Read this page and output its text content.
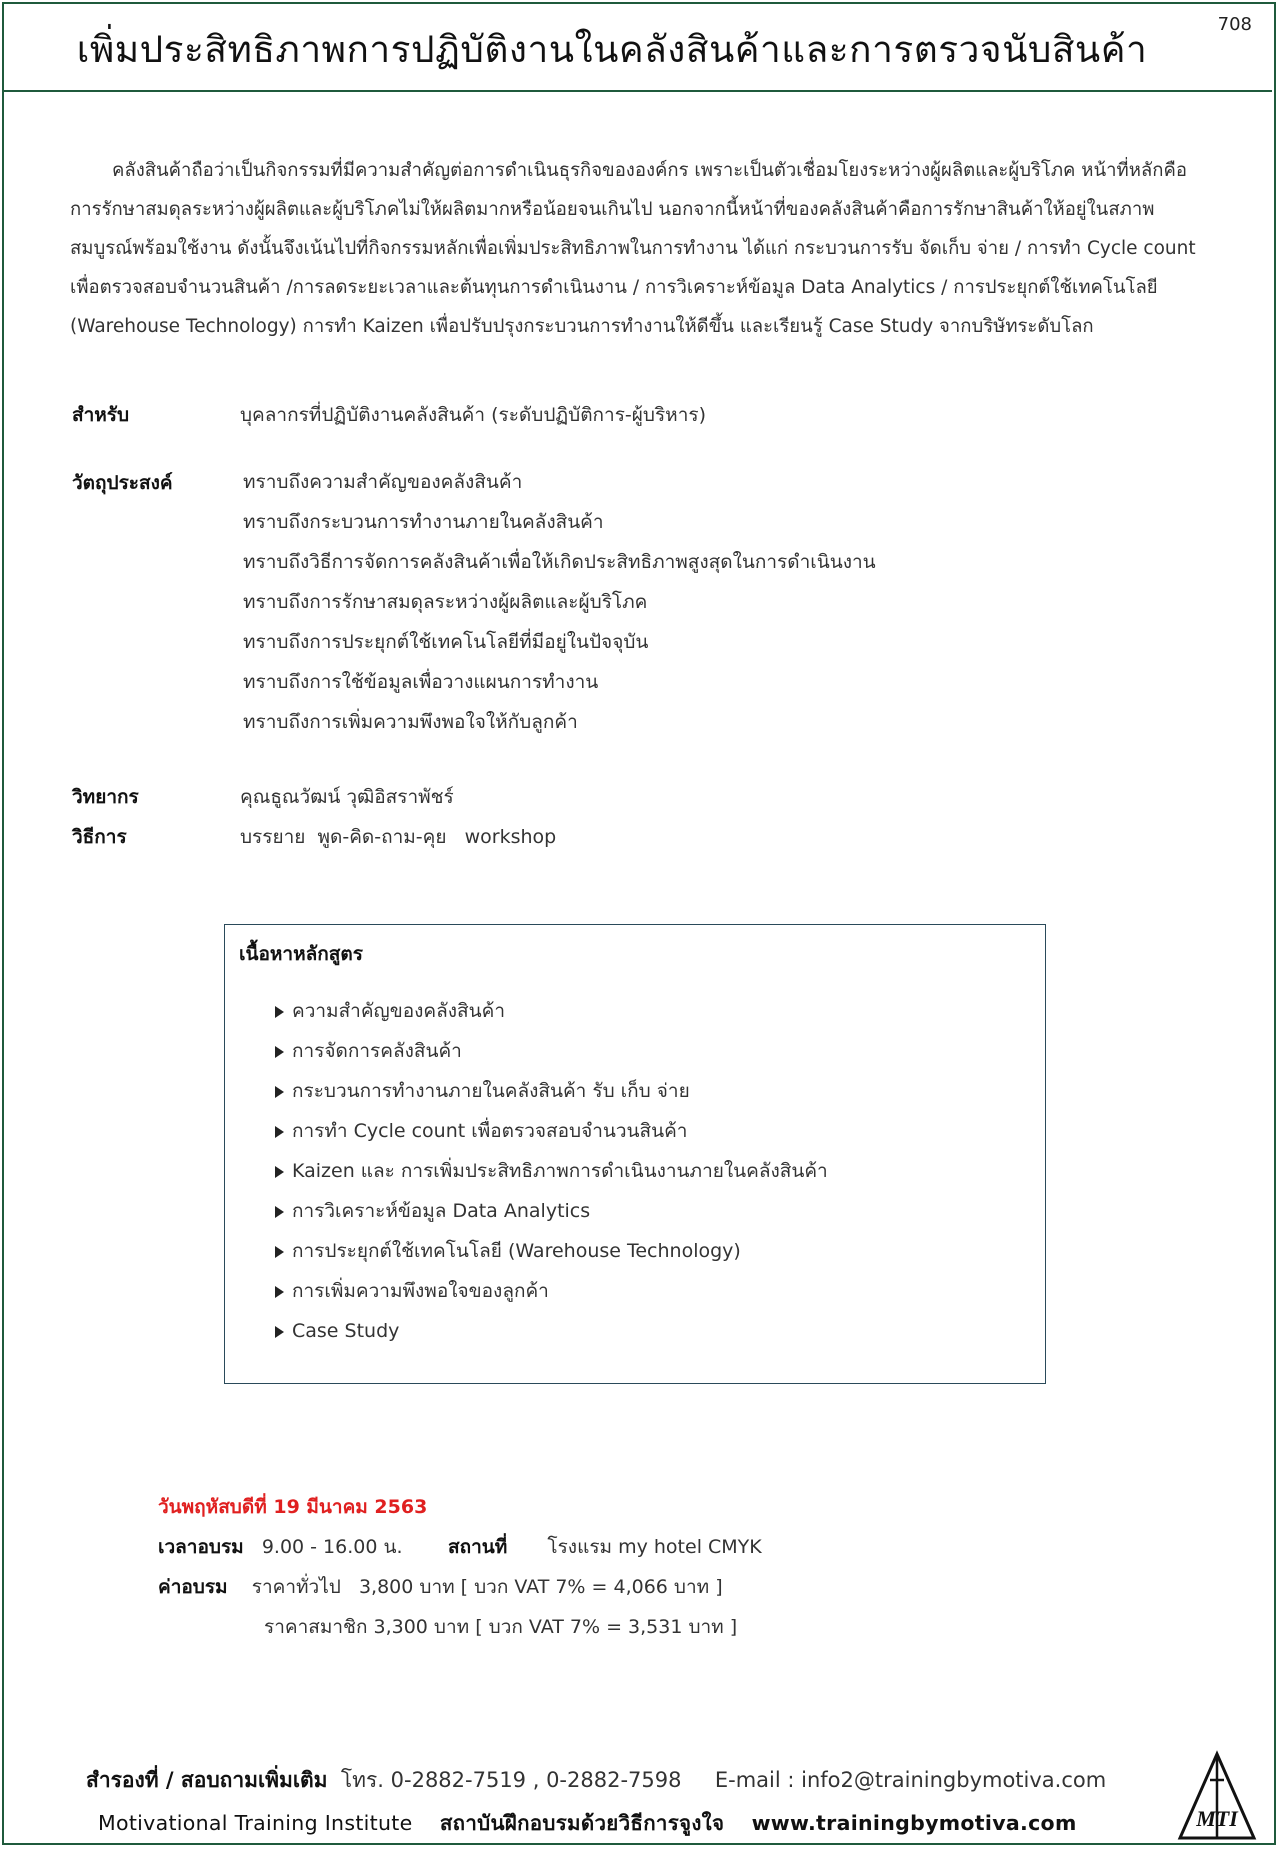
เพิ่มประสิทธิภาพการปฏิบัติงานในคลังสินค้าและการตรวจนับสินค้า
708

คลังสินค้าถือว่าเป็นกิจกรรมที่มีความสำคัญต่อการดำเนินธุรกิจขององค์กร เพราะเป็นตัวเชื่อมโยงระหว่างผู้ผลิตและผู้บริโภค หน้าที่หลักคือการรักษาสมดุลระหว่างผู้ผลิตและผู้บริโภคไม่ให้ผลิตมากหรือน้อยจนเกินไป นอกจากนี้หน้าที่ของคลังสินค้าคือการรักษาสินค้าให้อยู่ในสภาพสมบูรณ์พร้อมใช้งาน ดังนั้นจึงเน้นไปที่กิจกรรมหลักเพื่อเพิ่มประสิทธิภาพในการทำงาน ได้แก่ กระบวนการรับ จัดเก็บ จ่าย / การทำ Cycle count เพื่อตรวจสอบจำนวนสินค้า /การลดระยะเวลาและต้นทุนการดำเนินงาน / การวิเคราะห์ข้อมูล Data Analytics / การประยุกต์ใช้เทคโนโลยี (Warehouse Technology) การทำ Kaizen เพื่อปรับปรุงกระบวนการทำงานให้ดีขึ้น และเรียนรู้ Case Study จากบริษัทระดับโลก

สำหรับ	บุคลากรที่ปฏิบัติงานคลังสินค้า (ระดับปฏิบัติการ-ผู้บริหาร)
วัตถุประสงค์	ทราบถึงความสำคัญของคลังสินค้า
ทราบถึงกระบวนการทำงานภายในคลังสินค้า
ทราบถึงวิธีการจัดการคลังสินค้าเพื่อให้เกิดประสิทธิภาพสูงสุดในการดำเนินงาน
ทราบถึงการรักษาสมดุลระหว่างผู้ผลิตและผู้บริโภค
ทราบถึงการประยุกต์ใช้เทคโนโลยีที่มีอยู่ในปัจจุบัน
ทราบถึงการใช้ข้อมูลเพื่อวางแผนการทำงาน
ทราบถึงการเพิ่มความพึงพอใจให้กับลูกค้า
วิทยากร	คุณธูณวัฒน์ วุฒิอิสราพัชร์
วิธีการ	บรรยาย  พูด-คิด-ถาม-คุย   workshop
เนื้อหาหลักสูตร
ความสำคัญของคลังสินค้า
การจัดการคลังสินค้า
กระบวนการทำงานภายในคลังสินค้า รับ เก็บ จ่าย
การทำ Cycle count เพื่อตรวจสอบจำนวนสินค้า
Kaizen และ การเพิ่มประสิทธิภาพการดำเนินงานภายในคลังสินค้า
การวิเคราะห์ข้อมูล Data Analytics
การประยุกต์ใช้เทคโนโลยี (Warehouse Technology)
การเพิ่มความพึงพอใจของลูกค้า
Case Study
วันพฤหัสบดีที่ 19 มีนาคม 2563
เวลาอบรม 9.00 - 16.00 น. สถานที่ โรงแรม my hotel CMYK
ค่าอบรม ราคาทั่วไป   3,800 บาท [ บวก VAT 7% = 4,066 บาท ]
ราคาสมาชิก 3,300 บาท [ บวก VAT 7% = 3,531 บาท ]
สำรองที่ / สอบถามเพิ่มเติม โทร. 0-2882-7519 , 0-2882-7598 E-mail : info2@trainingbymotiva.com
Motivational Training Institute สถาบันฝึกอบรมด้วยวิธีการจูงใจ www.trainingbymotiva.com	MTI
